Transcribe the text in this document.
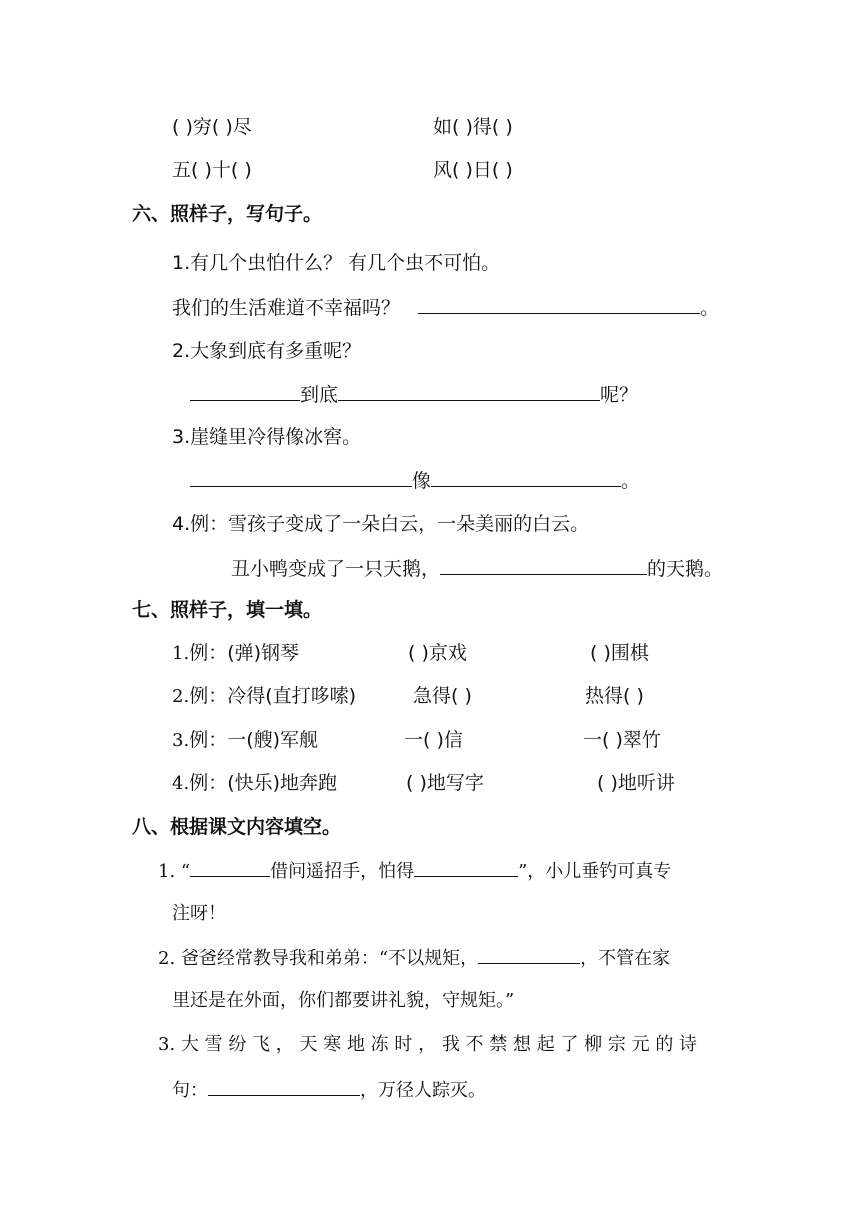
( )穷( )尽	如( )得( )
五( )十( )	风( )日( )
六、照样子，写句子。
1.有几个虫怕什么？ 有几个虫不可怕。
我们的生活难道不幸福吗？	。
2.大象到底有多重呢？
到底	呢？
3.崖缝里冷得像冰窖。
像	。
4.例：雪孩子变成了一朵白云，一朵美丽的白云。
丑小鸭变成了一只天鹅，	的天鹅。
七、照样子，填一填。
1.例：(弹)钢琴	( )京戏	( )围棋
2.例：冷得(直打哆嗦)	急得( )	热得( )
3.例：一(艘)军舰	一( )信	一( )翠竹
4.例：(快乐)地奔跑	( )地写字	( )地听讲
八、根据课文内容填空。
1. “	借问遥招手，怕得	”，小儿垂钓可真专
注呀！
2. 爸爸经常教导我和弟弟：“不以规矩，	，不管在家
里还是在外面，你们都要讲礼貌，守规矩。”
3. 大 雪 纷 飞 ， 天 寒 地 冻 时 ， 我 不 禁 想 起 了 柳 宗 元 的 诗
句：	，万径人踪灭。
